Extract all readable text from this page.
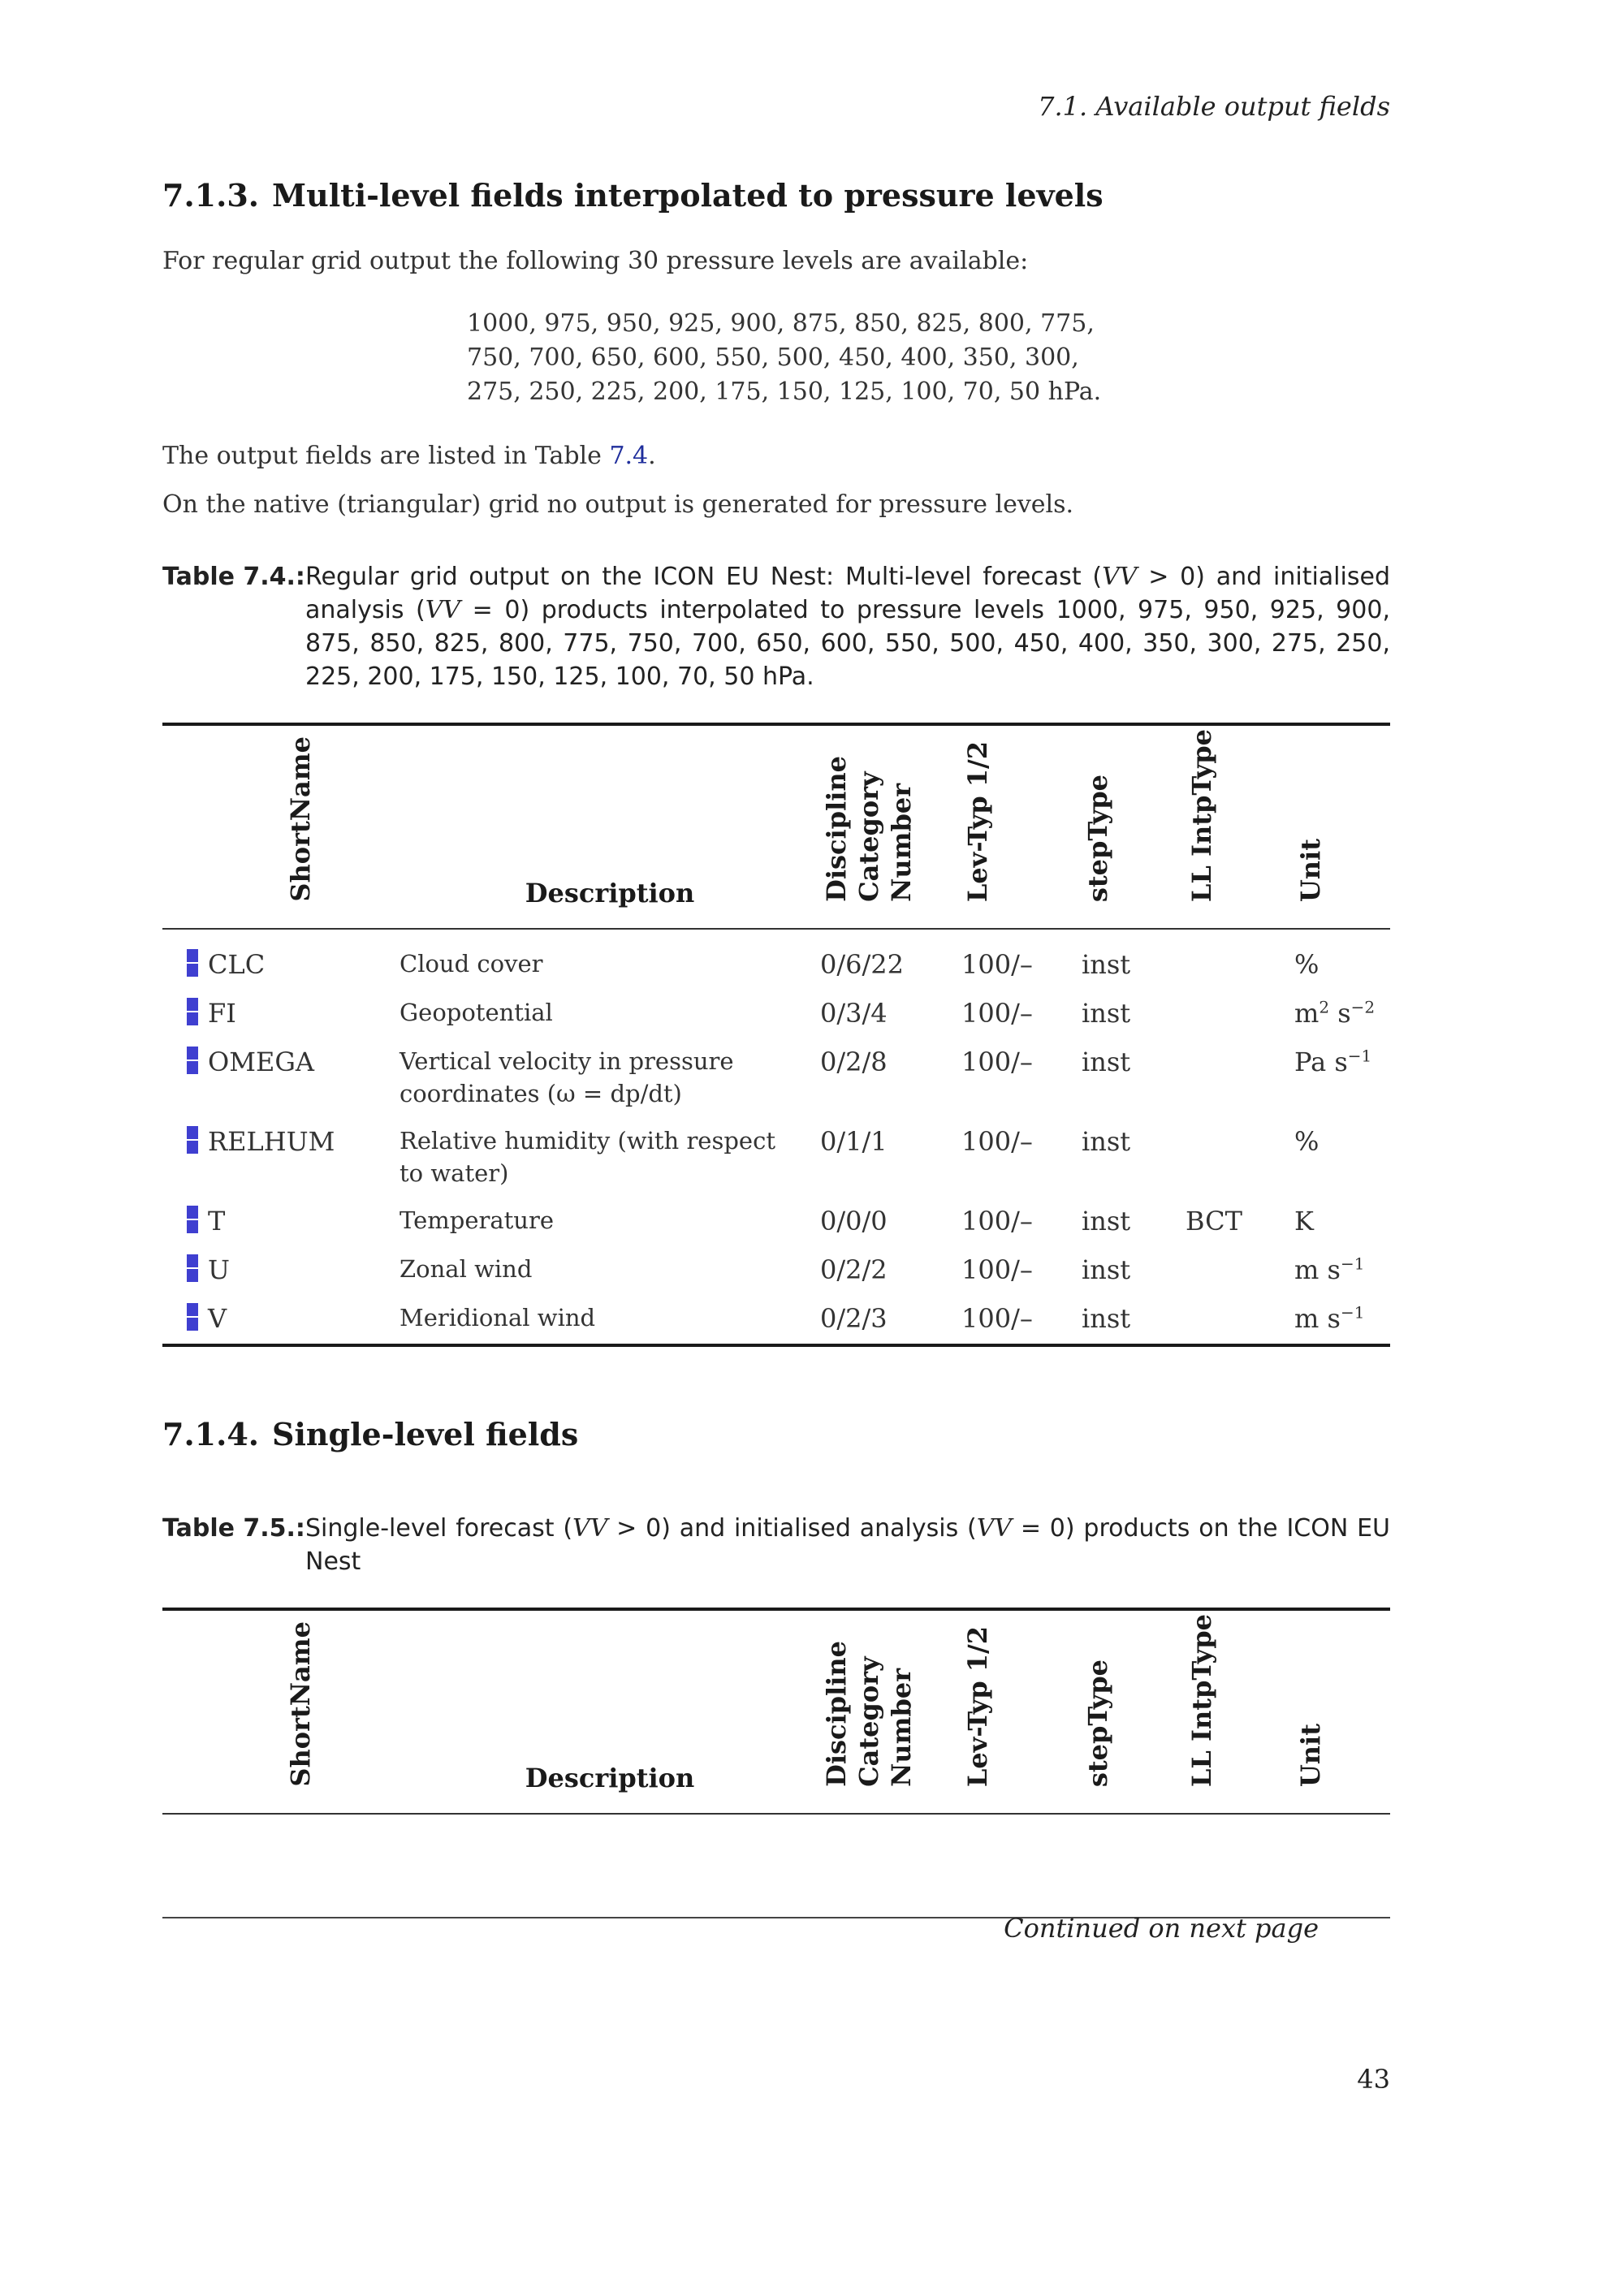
7.1. Available output fields
7.1.3. Multi-level fields interpolated to pressure levels

For regular grid output the following 30 pressure levels are available:

1000, 975, 950, 925, 900, 875, 850, 825, 800, 775,
750, 700, 650, 600, 550, 500, 450, 400, 350, 300,
275, 250, 225, 200, 175, 150, 125, 100, 70, 50 hPa.

The output fields are listed in Table 7.4.

On the native (triangular) grid no output is generated for pressure levels.

Table 7.4.: Regular grid output on the ICON EU Nest: Multi-level forecast (VV > 0) and initialised analysis (VV = 0) products interpolated to pressure levels 1000, 975, 950, 925, 900, 875, 850, 825, 800, 775, 750, 700, 650, 600, 550, 500, 450, 400, 350, 300, 275, 250, 225, 200, 175, 150, 125, 100, 70, 50 hPa.
ShortName	Description	Discipline
Category
Number	Lev-Typ 1/2	stepType	LL IntpType	Unit
CLC	Cloud cover	0/6/22	100/–	inst		%
FI	Geopotential	0/3/4	100/–	inst		$m^2$ $s^{-2}$
OMEGA	Vertical velocity in pressure coordinates (ω = dp/dt)	0/2/8	100/–	inst		Pa $s^{-1}$
RELHUM	Relative humidity (with respect to water)	0/1/1	100/–	inst		%
T	Temperature	0/0/0	100/–	inst	BCT	K
U	Zonal wind	0/2/2	100/–	inst		m $s^{-1}$
V	Meridional wind	0/2/3	100/–	inst		m $s^{-1}$
7.1.4. Single-level fields
Table 7.5.: Single-level forecast (VV > 0) and initialised analysis (VV = 0) products on the ICON EU Nest
ShortName	Description	Discipline
Category
Number	Lev-Typ 1/2	stepType	LL IntpType	Unit

Continued on next page
43
